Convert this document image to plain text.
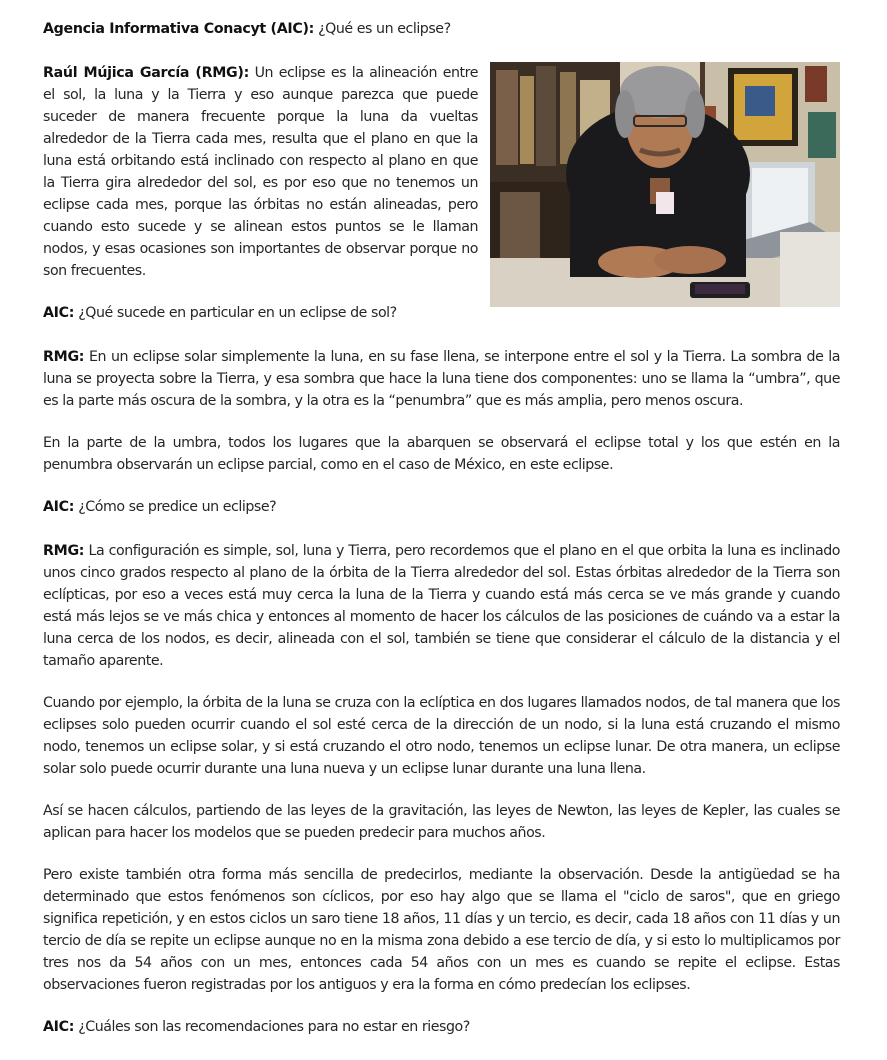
Agencia Informativa Conacyt (AIC): ¿Qué es un eclipse?

Raúl Mújica García (RMG): Un eclipse es la alineación entre el sol, la luna y la Tierra y eso aunque parezca que puede suceder de manera frecuente porque la luna da vueltas alrededor de la Tierra cada mes, resulta que el plano en que la luna está orbitando está inclinado con respecto al plano en que la Tierra gira alrededor del sol, es por eso que no tenemos un eclipse cada mes, porque las órbitas no están alineadas, pero cuando esto sucede y se alinean estos puntos se le llaman nodos, y esas ocasiones son importantes de observar porque no son frecuentes.

AIC: ¿Qué sucede en particular en un eclipse de sol?

RMG: En un eclipse solar simplemente la luna, en su fase llena, se interpone entre el sol y la Tierra. La sombra de la luna se proyecta sobre la Tierra, y esa sombra que hace la luna tiene dos componentes: uno se llama la “umbra”, que es la parte más oscura de la sombra, y la otra es la “penumbra” que es más amplia, pero menos oscura.

En la parte de la umbra, todos los lugares que la abarquen se observará el eclipse total y los que estén en la penumbra observarán un eclipse parcial, como en el caso de México, en este eclipse.

AIC: ¿Cómo se predice un eclipse?

RMG: La configuración es simple, sol, luna y Tierra, pero recordemos que el plano en el que orbita la luna es inclinado unos cinco grados respecto al plano de la órbita de la Tierra alrededor del sol. Estas órbitas alrededor de la Tierra son eclípticas, por eso a veces está muy cerca la luna de la Tierra y cuando está más cerca se ve más grande y cuando está más lejos se ve más chica y entonces al momento de hacer los cálculos de las posiciones de cuándo va a estar la luna cerca de los nodos, es decir, alineada con el sol, también se tiene que considerar el cálculo de la distancia y el tamaño aparente.

Cuando por ejemplo, la órbita de la luna se cruza con la eclíptica en dos lugares llamados nodos, de tal manera que los eclipses solo pueden ocurrir cuando el sol esté cerca de la dirección de un nodo, si la luna está cruzando el mismo nodo, tenemos un eclipse solar, y si está cruzando el otro nodo, tenemos un eclipse lunar. De otra manera, un eclipse solar solo puede ocurrir durante una luna nueva y un eclipse lunar durante una luna llena.

Así se hacen cálculos, partiendo de las leyes de la gravitación, las leyes de Newton, las leyes de Kepler, las cuales se aplican para hacer los modelos que se pueden predecir para muchos años.

Pero existe también otra forma más sencilla de predecirlos, mediante la observación. Desde la antigüedad se ha determinado que estos fenómenos son cíclicos, por eso hay algo que se llama el "ciclo de saros", que en griego significa repetición, y en estos ciclos un saro tiene 18 años, 11 días y un tercio, es decir, cada 18 años con 11 días y un tercio de día se repite un eclipse aunque no en la misma zona debido a ese tercio de día, y si esto lo multiplicamos por tres nos da 54 años con un mes, entonces cada 54 años con un mes es cuando se repite el eclipse. Estas observaciones fueron registradas por los antiguos y era la forma en cómo predecían los eclipses.

AIC: ¿Cuáles son las recomendaciones para no estar en riesgo?
